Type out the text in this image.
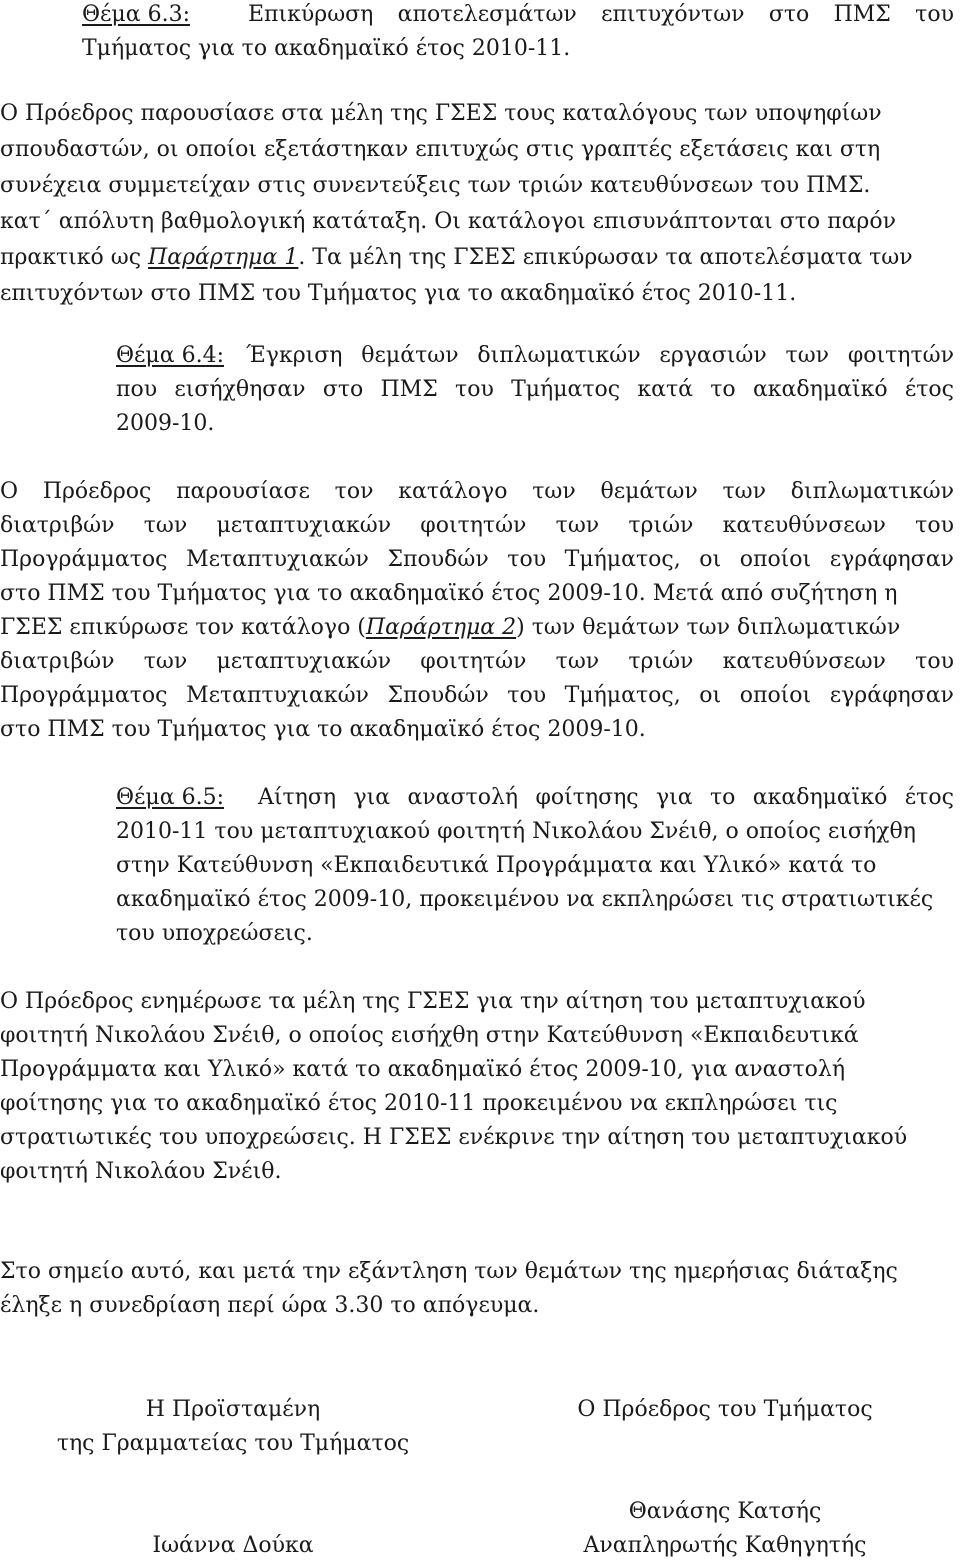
Θέμα 6.3:	Επικύρωση αποτελεσμάτων επιτυχόντων στο ΠΜΣ του
Τμήματος για το ακαδημαϊκό έτος 2010-11.
Ο Πρόεδρος παρουσίασε στα μέλη της ΓΣΕΣ τους καταλόγους των υποψηφίων
σπουδαστών, οι οποίοι εξετάστηκαν επιτυχώς στις γραπτές εξετάσεις και στη
συνέχεια συμμετείχαν στις συνεντεύξεις των τριών κατευθύνσεων του ΠΜΣ.
κατ΄ απόλυτη βαθμολογική κατάταξη. Οι κατάλογοι επισυνάπτονται στο παρόν
πρακτικό ως Παράρτημα 1. Τα μέλη της ΓΣΕΣ επικύρωσαν τα αποτελέσματα των
επιτυχόντων στο ΠΜΣ του Τμήματος για το ακαδημαϊκό έτος 2010-11.
Θέμα 6.4: Έγκριση θεμάτων διπλωματικών εργασιών των φοιτητών
που εισήχθησαν στο ΠΜΣ του Τμήματος κατά το ακαδημαϊκό έτος
2009-10.
Ο Πρόεδρος παρουσίασε τον κατάλογο των θεμάτων των διπλωματικών
διατριβών των μεταπτυχιακών φοιτητών των τριών κατευθύνσεων του
Προγράμματος Μεταπτυχιακών Σπουδών του Τμήματος, οι οποίοι εγράφησαν
στο ΠΜΣ του Τμήματος για το ακαδημαϊκό έτος 2009-10. Μετά από συζήτηση η
ΓΣΕΣ επικύρωσε τον κατάλογο (Παράρτημα 2) των θεμάτων των διπλωματικών
διατριβών των μεταπτυχιακών φοιτητών των τριών κατευθύνσεων του
Προγράμματος Μεταπτυχιακών Σπουδών του Τμήματος, οι οποίοι εγράφησαν
στο ΠΜΣ του Τμήματος για το ακαδημαϊκό έτος 2009-10.
Θέμα 6.5: Αίτηση για αναστολή φοίτησης για το ακαδημαϊκό έτος
2010-11 του μεταπτυχιακού φοιτητή Νικολάου Σνέιθ, ο οποίος εισήχθη
στην Κατεύθυνση «Εκπαιδευτικά Προγράμματα και Υλικό» κατά το
ακαδημαϊκό έτος 2009-10, προκειμένου να εκπληρώσει τις στρατιωτικές
του υποχρεώσεις.
Ο Πρόεδρος ενημέρωσε τα μέλη της ΓΣΕΣ για την αίτηση του μεταπτυχιακού
φοιτητή Νικολάου Σνέιθ, ο οποίος εισήχθη στην Κατεύθυνση «Εκπαιδευτικά
Προγράμματα και Υλικό» κατά το ακαδημαϊκό έτος 2009-10, για αναστολή
φοίτησης για το ακαδημαϊκό έτος 2010-11 προκειμένου να εκπληρώσει τις
στρατιωτικές του υποχρεώσεις. Η ΓΣΕΣ ενέκρινε την αίτηση του μεταπτυχιακού
φοιτητή Νικολάου Σνέιθ.
Στο σημείο αυτό, και μετά την εξάντληση των θεμάτων της ημερήσιας διάταξης
έληξε η συνεδρίαση περί ώρα 3.30 το απόγευμα.
Η Προϊσταμένη
της Γραμματείας του Τμήματος
Ο Πρόεδρος του Τμήματος
Θανάσης Κατσής
Ιωάννα Δούκα	Αναπληρωτής Καθηγητής
